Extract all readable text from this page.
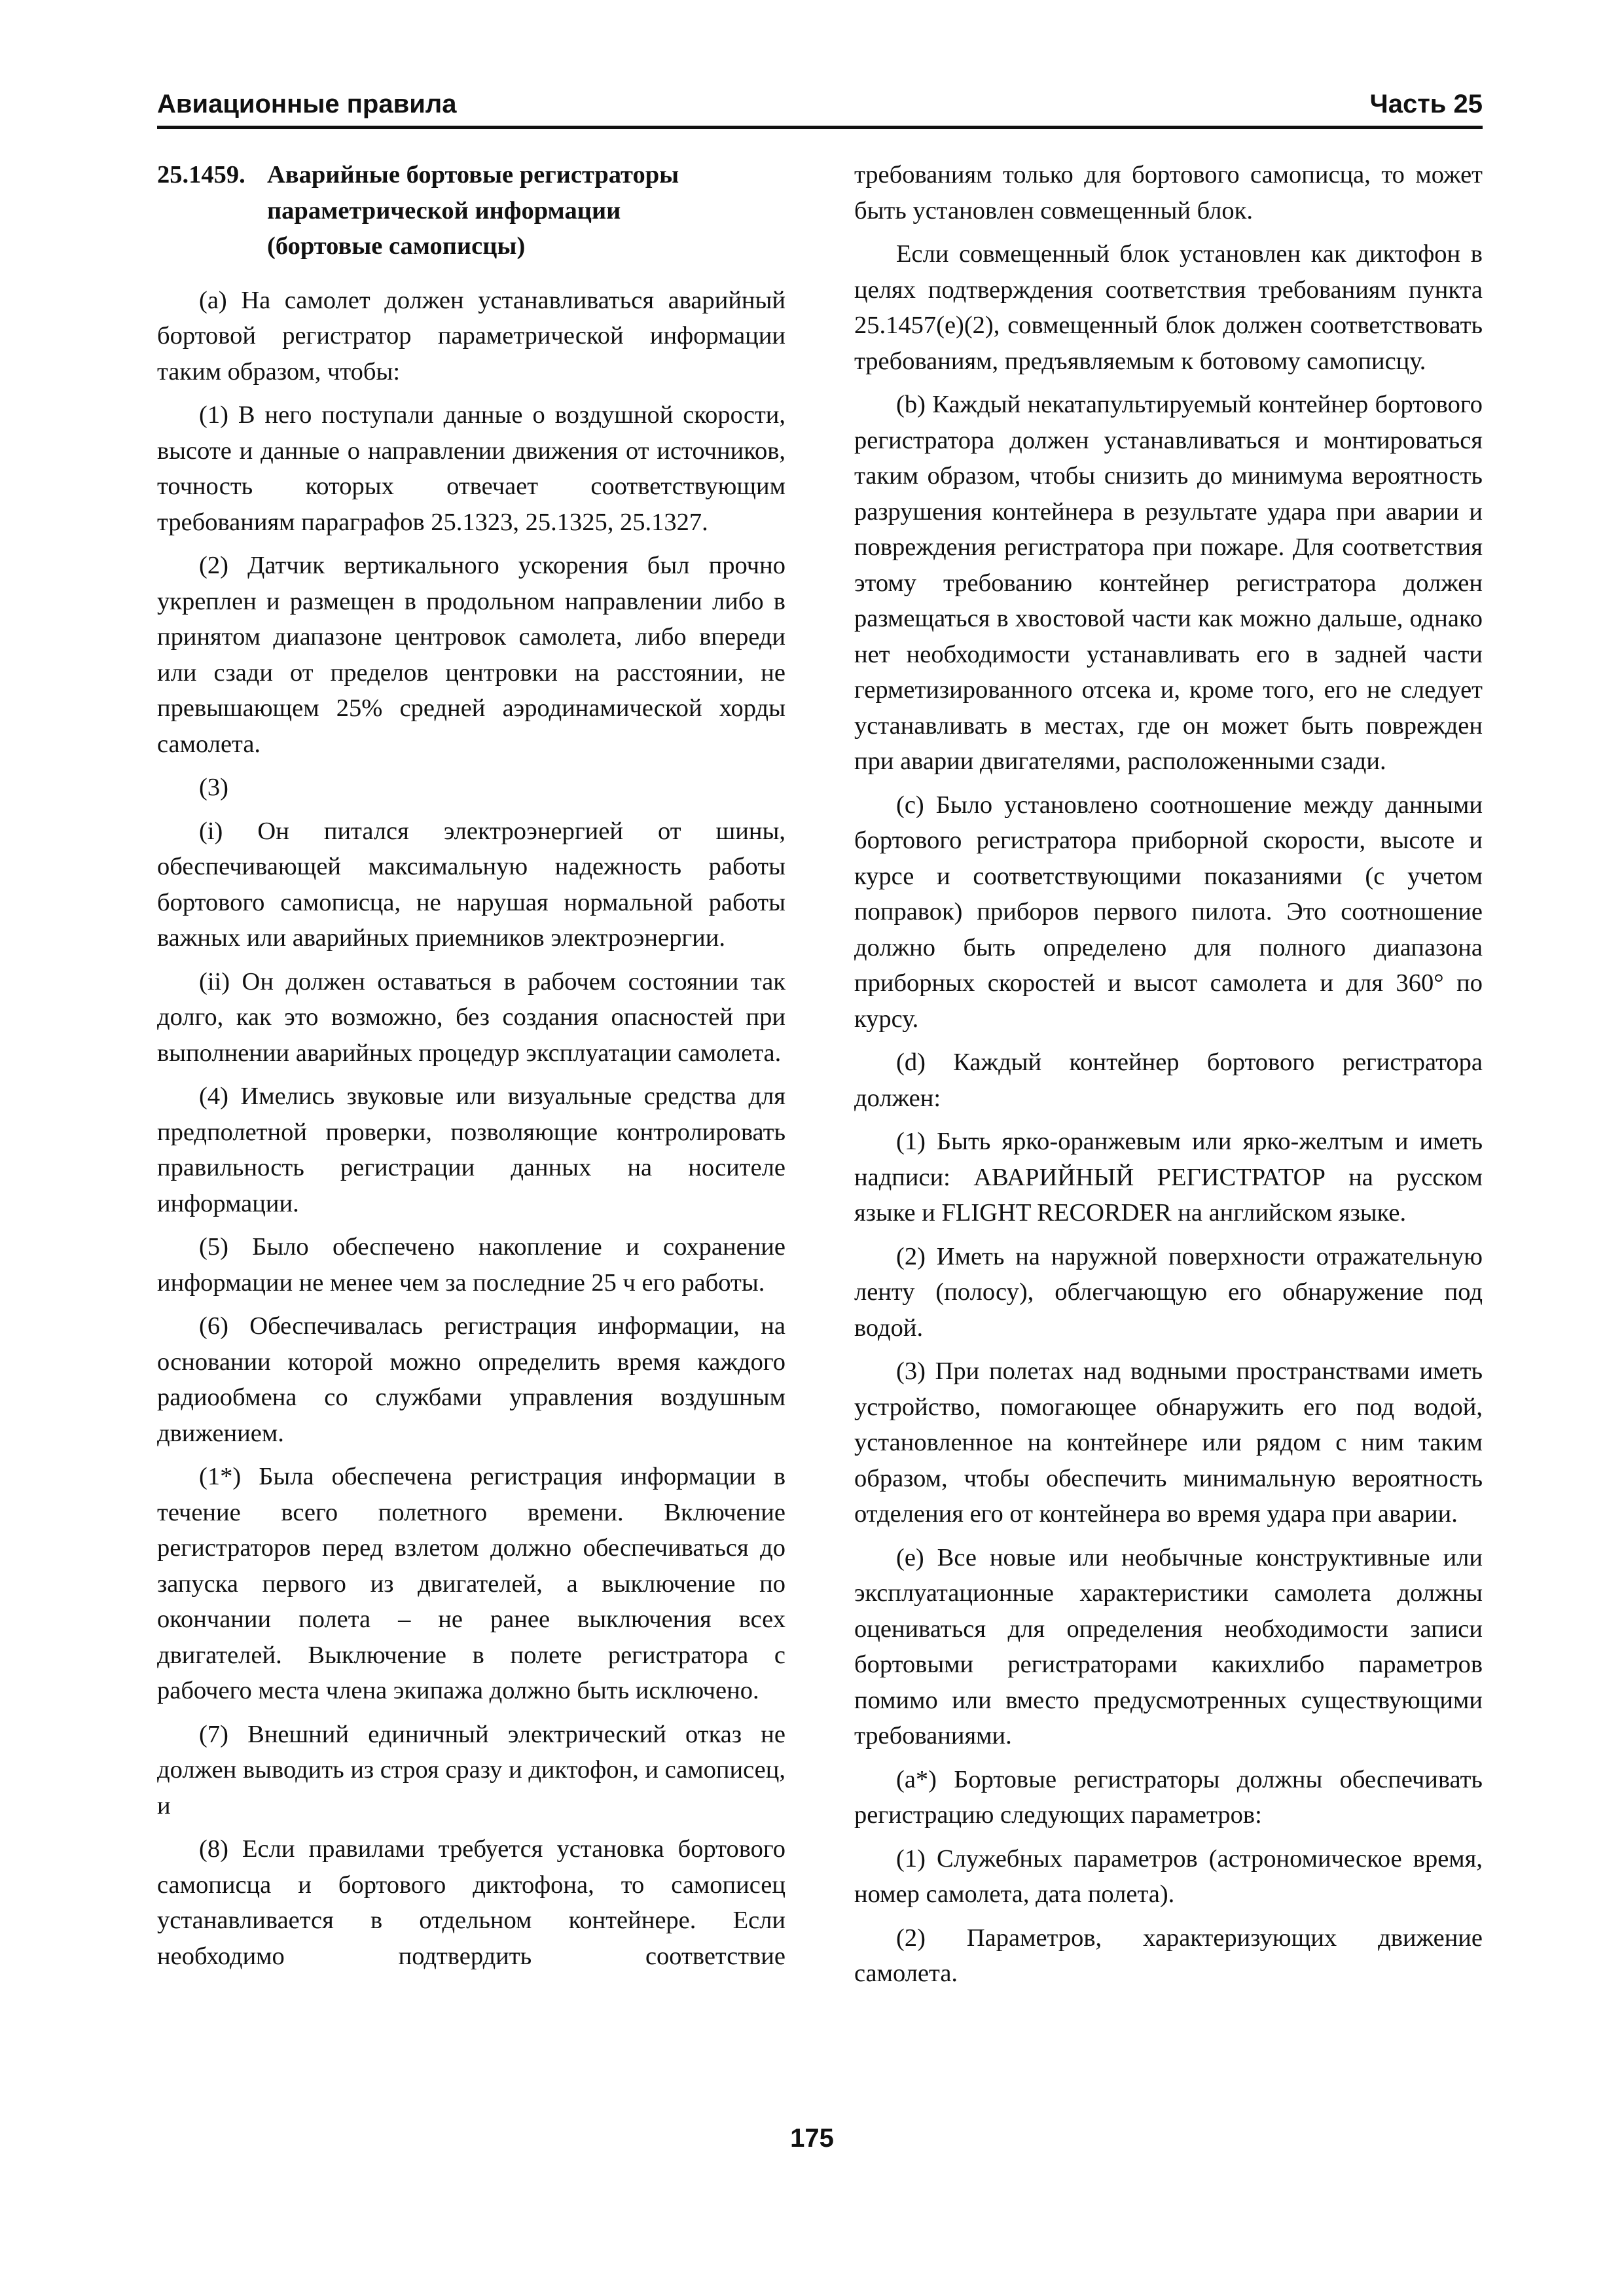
Авиационные правила	Часть 25
25.1459. Аварийные бортовые регистраторы
параметрической информации
(бортовые самописцы)

(a) На самолет должен устанавливаться аварийный бортовой регистратор параметрической информации таким образом, чтобы:

(1) В него поступали данные о воздушной скорости, высоте и данные о направлении движения от источников, точность которых отвечает соответствующим требованиям параграфов 25.1323, 25.1325, 25.1327.

(2) Датчик вертикального ускорения был прочно укреплен и размещен в продольном направлении либо в принятом диапазоне центровок самолета, либо впереди или сзади от пределов центровки на расстоянии, не превышающем 25% средней аэродинамической хорды самолета.

(3)

(i) Он питался электроэнергией от шины, обеспечивающей максимальную надежность работы бортового самописца, не нарушая нормальной работы важных или аварийных приемников электроэнергии.

(ii) Он должен оставаться в рабочем состоянии так долго, как это возможно, без создания опасностей при выполнении аварийных процедур эксплуатации самолета.

(4) Имелись звуковые или визуальные средства для предполетной проверки, позволяющие контролировать правильность регистрации данных на носителе информации.

(5) Было обеспечено накопление и сохранение информации не менее чем за последние 25 ч его работы.

(6) Обеспечивалась регистрация информации, на основании которой можно определить время каждого радиообмена со службами управления воздушным движением.

(1*) Была обеспечена регистрация информации в течение всего полетного времени. Включение регистраторов перед взлетом должно обеспечиваться до запуска первого из двигателей, а выключение по окончании полета – не ранее выключения всех двигателей. Выключение в полете регистратора с рабочего места члена экипажа должно быть исключено.

(7) Внешний единичный электрический отказ не должен выводить из строя сразу и диктофон, и самописец, и

(8) Если правилами требуется установка бортового самописца и бортового диктофона, то самописец устанавливается в отдельном контейнере. Если необходимо подтвердить соответствие

требованиям только для бортового самописца, то может быть установлен совмещенный блок.

Если совмещенный блок установлен как диктофон в целях подтверждения соответствия требованиям пункта 25.1457(e)(2), совмещенный блок должен соответствовать требованиям, предъявляемым к ботовому самописцу.

(b) Каждый некатапультируемый контейнер бортового регистратора должен устанавливаться и монтироваться таким образом, чтобы снизить до минимума вероятность разрушения контейнера в результате удара при аварии и повреждения регистратора при пожаре. Для соответствия этому требованию контейнер регистратора должен размещаться в хвостовой части как можно дальше, однако нет необходимости устанавливать его в задней части герметизированного отсека и, кроме того, его не следует устанавливать в местах, где он может быть поврежден при аварии двигателями, расположенными сзади.

(c) Было установлено соотношение между данными бортового регистратора приборной скорости, высоте и курсе и соответствующими показаниями (с учетом поправок) приборов первого пилота. Это соотношение должно быть определено для полного диапазона приборных скоростей и высот самолета и для 360° по курсу.

(d) Каждый контейнер бортового регистратора должен:

(1) Быть ярко-оранжевым или ярко-желтым и иметь надписи: АВАРИЙНЫЙ РЕГИСТРАТОР на русском языке и FLIGHT RECORDER на английском языке.

(2) Иметь на наружной поверхности отражательную ленту (полосу), облегчающую его обнаружение под водой.

(3) При полетах над водными пространствами иметь устройство, помогающее обнаружить его под водой, установленное на контейнере или рядом с ним таким образом, чтобы обеспечить минимальную вероятность отделения его от контейнера во время удара при аварии.

(e) Все новые или необычные конструктивные или эксплуатационные характеристики самолета должны оцениваться для определения необходимости записи бортовыми регистраторами какихлибо параметров помимо или вместо предусмотренных существующими требованиями.

(a*) Бортовые регистраторы должны обеспечивать регистрацию следующих параметров:

(1) Служебных параметров (астрономическое время, номер самолета, дата полета).

(2) Параметров, характеризующих движение самолета.

175
